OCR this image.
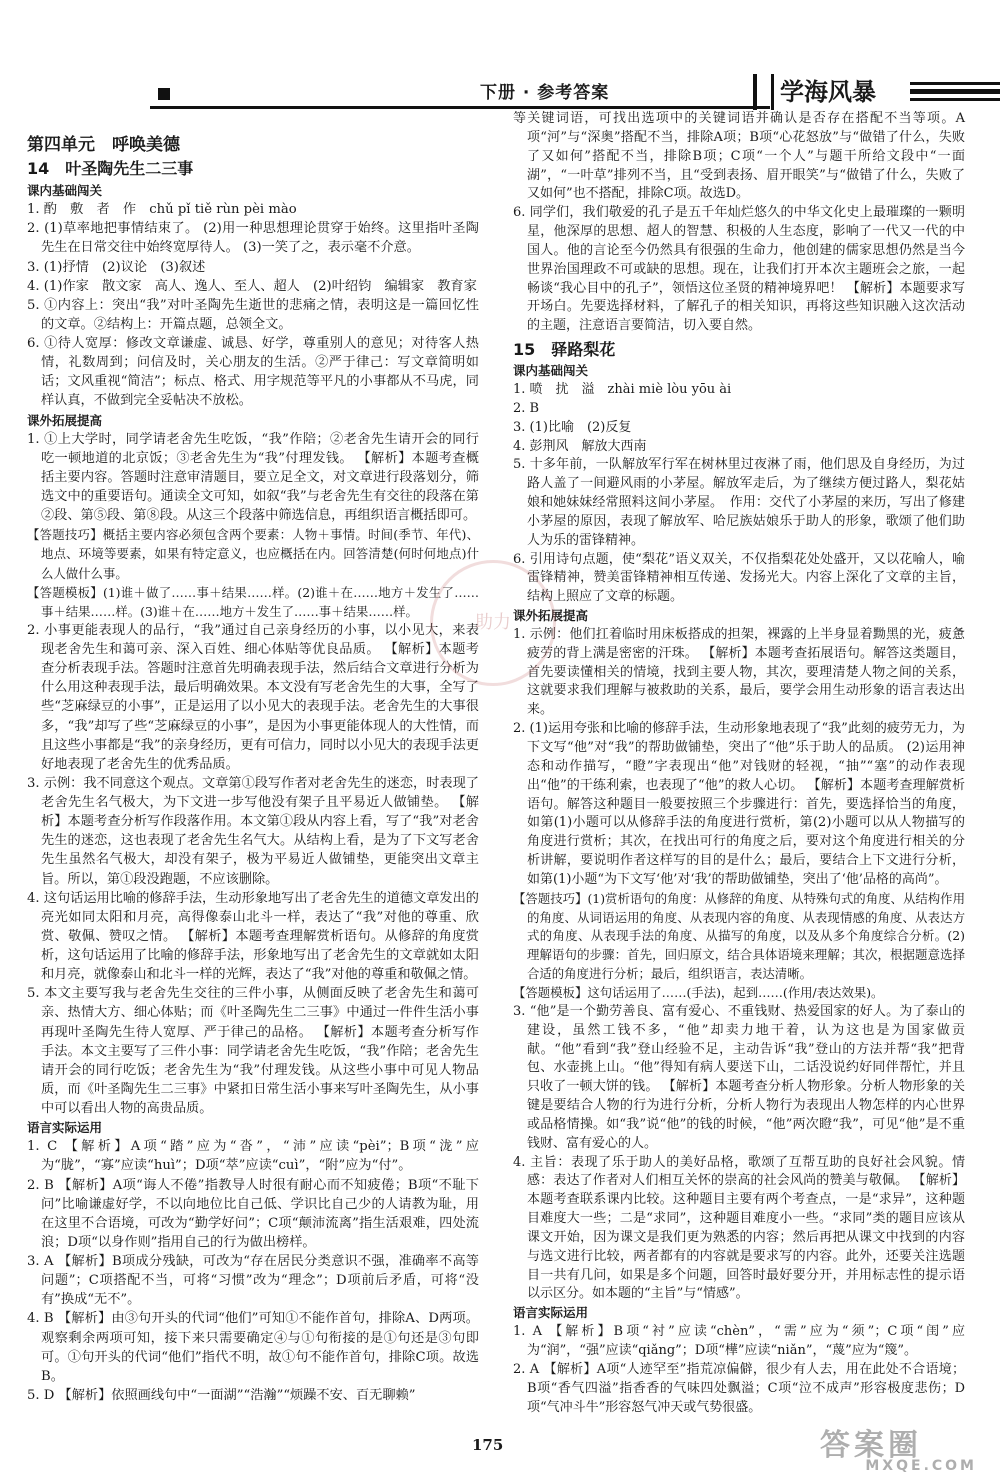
下册 · 参考答案	学海风暴

第四单元　呼唤美德

14　叶圣陶先生二三事

课内基础闯关

1. 酌　敷　者　作　chǔ pǐ tiě rùn pèi mào

2. (1)草率地把事情结束了。 (2)用一种思想理论贯穿于始终。这里指叶圣陶先生在日常交往中始终宽厚待人。 (3)一笑了之，表示毫不介意。

3. (1)抒情　(2)议论　(3)叙述

4. (1)作家　散文家　高人、逸人、至人、超人　(2)叶绍钧　编辑家　教育家

5. ①内容上：突出“我”对叶圣陶先生逝世的悲痛之情，表明这是一篇回忆性的文章。②结构上：开篇点题，总领全文。

6. ①待人宽厚：修改文章谦虚、诚恳、好学，尊重别人的意见；对待客人热情，礼数周到；问信及时，关心朋友的生活。②严于律己：写文章简明如话；文风重视“简洁”；标点、格式、用字规范等平凡的小事都从不马虎，同样认真，不做到完全妥帖决不放松。

课外拓展提高

1. ①上大学时，同学请老舍先生吃饭，“我”作陪；②老舍先生请开会的同行吃一顿地道的北京饭；③老舍先生为“我”付理发钱。 【解析】本题考查概括主要内容。答题时注意审清题目，要立足全文，对文章进行段落划分，筛选文中的重要语句。通读全文可知，如叙“我”与老舍先生有交往的段落在第②段、第⑤段、第⑧段。从这三个段落中筛选信息，再组织语言概括即可。

【答题技巧】概括主要内容必须包含两个要素：人物＋事情。时间(季节、年代)、地点、环境等要素，如果有特定意义，也应概括在内。回答清楚(何时何地点)什么人做什么事。

【答题模板】(1)谁＋做了……事＋结果……样。(2)谁＋在……地方＋发生了……事＋结果……样。(3)谁＋在……地方＋发生了……事＋结果……样。

2. 小事更能表现人的品行，“我”通过自己亲身经历的小事，以小见大，来表现老舍先生和蔼可亲、深入百姓、细心体贴等优良品质。 【解析】本题考查分析表现手法。答题时注意首先明确表现手法，然后结合文章进行分析为什么用这种表现手法，最后明确效果。本文没有写老舍先生的大事，全写了些“芝麻绿豆的小事”，正是运用了以小见大的表现手法。老舍先生的大事很多，“我”却写了些“芝麻绿豆的小事”，是因为小事更能体现人的大性情，而且这些小事都是“我”的亲身经历，更有可信力，同时以小见大的表现手法更好地表现了老舍先生的优秀品质。

3. 示例：我不同意这个观点。文章第①段写作者对老舍先生的迷恋，时表现了老舍先生名气极大，为下文进一步写他没有架子且平易近人做铺垫。 【解析】本题考查分析写作段落作用。本文第①段从内容上看，写了“我”对老舍先生的迷恋，这也表现了老舍先生名气大。从结构上看，是为了下文写老舍先生虽然名气极大，却没有架子，极为平易近人做铺垫，更能突出文章主旨。所以，第①段没跑题，不应该删除。

4. 这句话运用比喻的修辞手法，生动形象地写出了老舍先生的道德文章发出的亮光如同太阳和月亮，高得像泰山北斗一样，表达了“我”对他的尊重、欣赏、敬佩、赞叹之情。 【解析】本题考查理解赏析语句。从修辞的角度赏析，这句话运用了比喻的修辞手法，形象地写出了老舍先生的文章就如太阳和月亮，就像泰山和北斗一样的光辉，表达了“我”对他的尊重和敬佩之情。

5. 本文主要写我与老舍先生交往的三件小事，从侧面反映了老舍先生和蔼可亲、热情大方、细心体贴；而《叶圣陶先生二三事》中通过一件件生活小事再现叶圣陶先生待人宽厚、严于律己的品格。 【解析】本题考查分析写作手法。本文主要写了三件小事：同学请老舍先生吃饭，“我”作陪；老舍先生请开会的同行吃饭；老舍先生为“我”付理发钱。从这些小事中可见人物品质，而《叶圣陶先生二三事》中紧扣日常生活小事来写叶圣陶先生，从小事中可以看出人物的高贵品质。

语言实际运用

1. C 【解析】A项“踏”应为“沓”，“沛”应读“pèi”；B项“泷”应为“胧”，“寡”应读“huì”；D项“萃”应读“cuì”，“附”应为“付”。

2. B 【解析】A项“诲人不倦”指教导人时很有耐心而不知疲倦；B项“不耻下问”比喻谦虚好学，不以向地位比自己低、学识比自己少的人请教为耻，用在这里不合语境，可改为“勤学好问”；C项“颠沛流离”指生活艰难，四处流浪；D项“以身作则”指用自己的行为做出榜样。

3. A 【解析】B项成分残缺，可改为“存在居民分类意识不强，准确率不高等问题”；C项搭配不当，可将“习惯”改为“理念”；D项前后矛盾，可将“没有”换成“无不”。

4. B 【解析】由③句开头的代词“他们”可知①不能作首句，排除A、D两项。观察剩余两项可知，接下来只需要确定④与①句衔接的是①句还是③句即可。①句开头的代词“他们”指代不明，故①句不能作首句，排除C项。故选B。

5. D 【解析】依照画线句中“一面湖”“浩瀚”“烦躁不安、百无聊赖”

等关键词语，可找出选项中的关键词语并确认是否存在搭配不当等项。A项“河”与“深奥”搭配不当，排除A项；B项“心花怒放”与“做错了什么，失败了又如何”搭配不当，排除B项；C项“一个人”与题干所给文段中“一面湖”，“一叶草”排列不当，且“受到表扬、眉开眼笑”与“做错了什么，失败了又如何”也不搭配，排除C项。故选D。

6. 同学们，我们敬爱的孔子是五千年灿烂悠久的中华文化史上最璀璨的一颗明星，他深厚的思想、超人的智慧、积极的人生态度，影响了一代又一代的中国人。他的言论至今仍然具有很强的生命力，他创建的儒家思想仍然是当今世界治国理政不可或缺的思想。现在，让我们打开本次主题班会之旅，一起畅谈“我心目中的孔子”，领悟这位圣贤的精神境界吧！ 【解析】本题要求写开场白。先要选择材料，了解孔子的相关知识，再将这些知识融入这次活动的主题，注意语言要简洁，切入要自然。

15　驿路梨花

课内基础闯关

1. 喷　扰　溢　zhài miè lòu yōu ài

2. B

3. (1)比喻　(2)反复

4. 彭荆风　解放大西南

5. 十多年前，一队解放军行军在树林里过夜淋了雨，他们思及自身经历，为过路人盖了一间避风雨的小茅屋。解放军走后，为了继续方便过路人，梨花姑娘和她妹妹经常照料这间小茅屋。　作用：交代了小茅屋的来历，写出了修建小茅屋的原因，表现了解放军、哈尼族姑娘乐于助人的形象，歌颂了他们助人为乐的雷锋精神。

6. 引用诗句点题，使“梨花”语义双关，不仅指梨花处处盛开，又以花喻人，喻雷锋精神，赞美雷锋精神相互传递、发扬光大。内容上深化了文章的主旨，结构上照应了文章的标题。

课外拓展提高

1. 示例：他们扛着临时用床板搭成的担架，裸露的上半身显着黝黑的光，疲惫疲劳的背上满是密密的汗珠。 【解析】本题考查拓展语句。解答这类题目，首先要读懂相关的情境，找到主要人物，其次，要理清楚人物之间的关系，这就要求我们理解与被救助的关系，最后，要学会用生动形象的语言表达出来。

2. (1)运用夸张和比喻的修辞手法，生动形象地表现了“我”此刻的疲劳无力，为下文写“他”对“我”的帮助做铺垫，突出了“他”乐于助人的品质。 (2)运用神态和动作描写，“瞪”字表现出“他”对钱财的轻视，“抽”“塞”的动作表现出“他”的干练利索，也表现了“他”的救人心切。 【解析】本题考查理解赏析语句。解答这种题目一般要按照三个步骤进行：首先，要选择恰当的角度，如第(1)小题可以从修辞手法的角度进行赏析，第(2)小题可以从人物描写的角度进行赏析；其次，在找出可行的角度之后，要对这个角度进行相关的分析讲解，要说明作者这样写的目的是什么；最后，要结合上下文进行分析，如第(1)小题“为下文写‘他’对‘我’的帮助做铺垫，突出了‘他’品格的高尚”。

【答题技巧】(1)赏析语句的角度：从修辞的角度、从特殊句式的角度、从结构作用的角度、从词语运用的角度、从表现内容的角度、从表现情感的角度、从表达方式的角度、从表现手法的角度、从描写的角度，以及从多个角度综合分析。(2)理解语句的步骤：首先，回归原文，结合具体语境来理解；其次，根据题意选择合适的角度进行分析；最后，组织语言，表达清晰。

【答题模板】这句话运用了……(手法)，起到……(作用/表达效果)。

3. “他”是一个勤劳善良、富有爱心、不重钱财、热爱国家的好人。为了泰山的建设，虽然工钱不多，“他”却卖力地干着，认为这也是为国家做贡献。“他”看到“我”登山经验不足，主动告诉“我”登山的方法并帮“我”把背包、水壶挑上山。“他”得知有病人要送下山，二话没说约好同伴帮忙，并且只收了一顿大饼的钱。 【解析】本题考查分析人物形象。分析人物形象的关键是要结合人物的行为进行分析，分析人物行为表现出人物怎样的内心世界或品格情操。如“我”说“他”的钱的时候，“他”两次瞪“我”，可见“他”是不重钱财、富有爱心的人。

4. 主旨：表现了乐于助人的美好品格，歌颂了互帮互助的良好社会风貌。情感：表达了作者对人们相互关怀的崇高的社会风尚的赞美与敬佩。 【解析】本题考查联系课内比较。这种题目主要有两个考查点，一是“求异”，这种题目难度大一些；二是“求同”，这种题目难度小一些。“求同”类的题目应该从课文开始，因为课文是我们更为熟悉的内容；然后再把从课文中找到的内容与选文进行比较，两者都有的内容就是要求写的内容。此外，还要关注选题目一共有几问，如果是多个问题，回答时最好要分开，并用标志性的提示语以示区分。如本题的“主旨”与“情感”。

语言实际运用

1. A 【解析】B项“衬”应读“chèn”，“需”应为“须”；C项“闺”应为“润”，“强”应读“qiǎng”；D项“樺”应读“niǎn”，“蔑”应为“篾”。

2. A 【解析】A项“人迹罕至”指荒凉偏僻，很少有人去，用在此处不合语境；B项“香气四溢”指香香的气味四处飘溢；C项“泣不成声”形容极度悲伤；D项“气冲斗牛”形容怒气冲天或气势很盛。

助力
175	答案圈
MXQE.COM
